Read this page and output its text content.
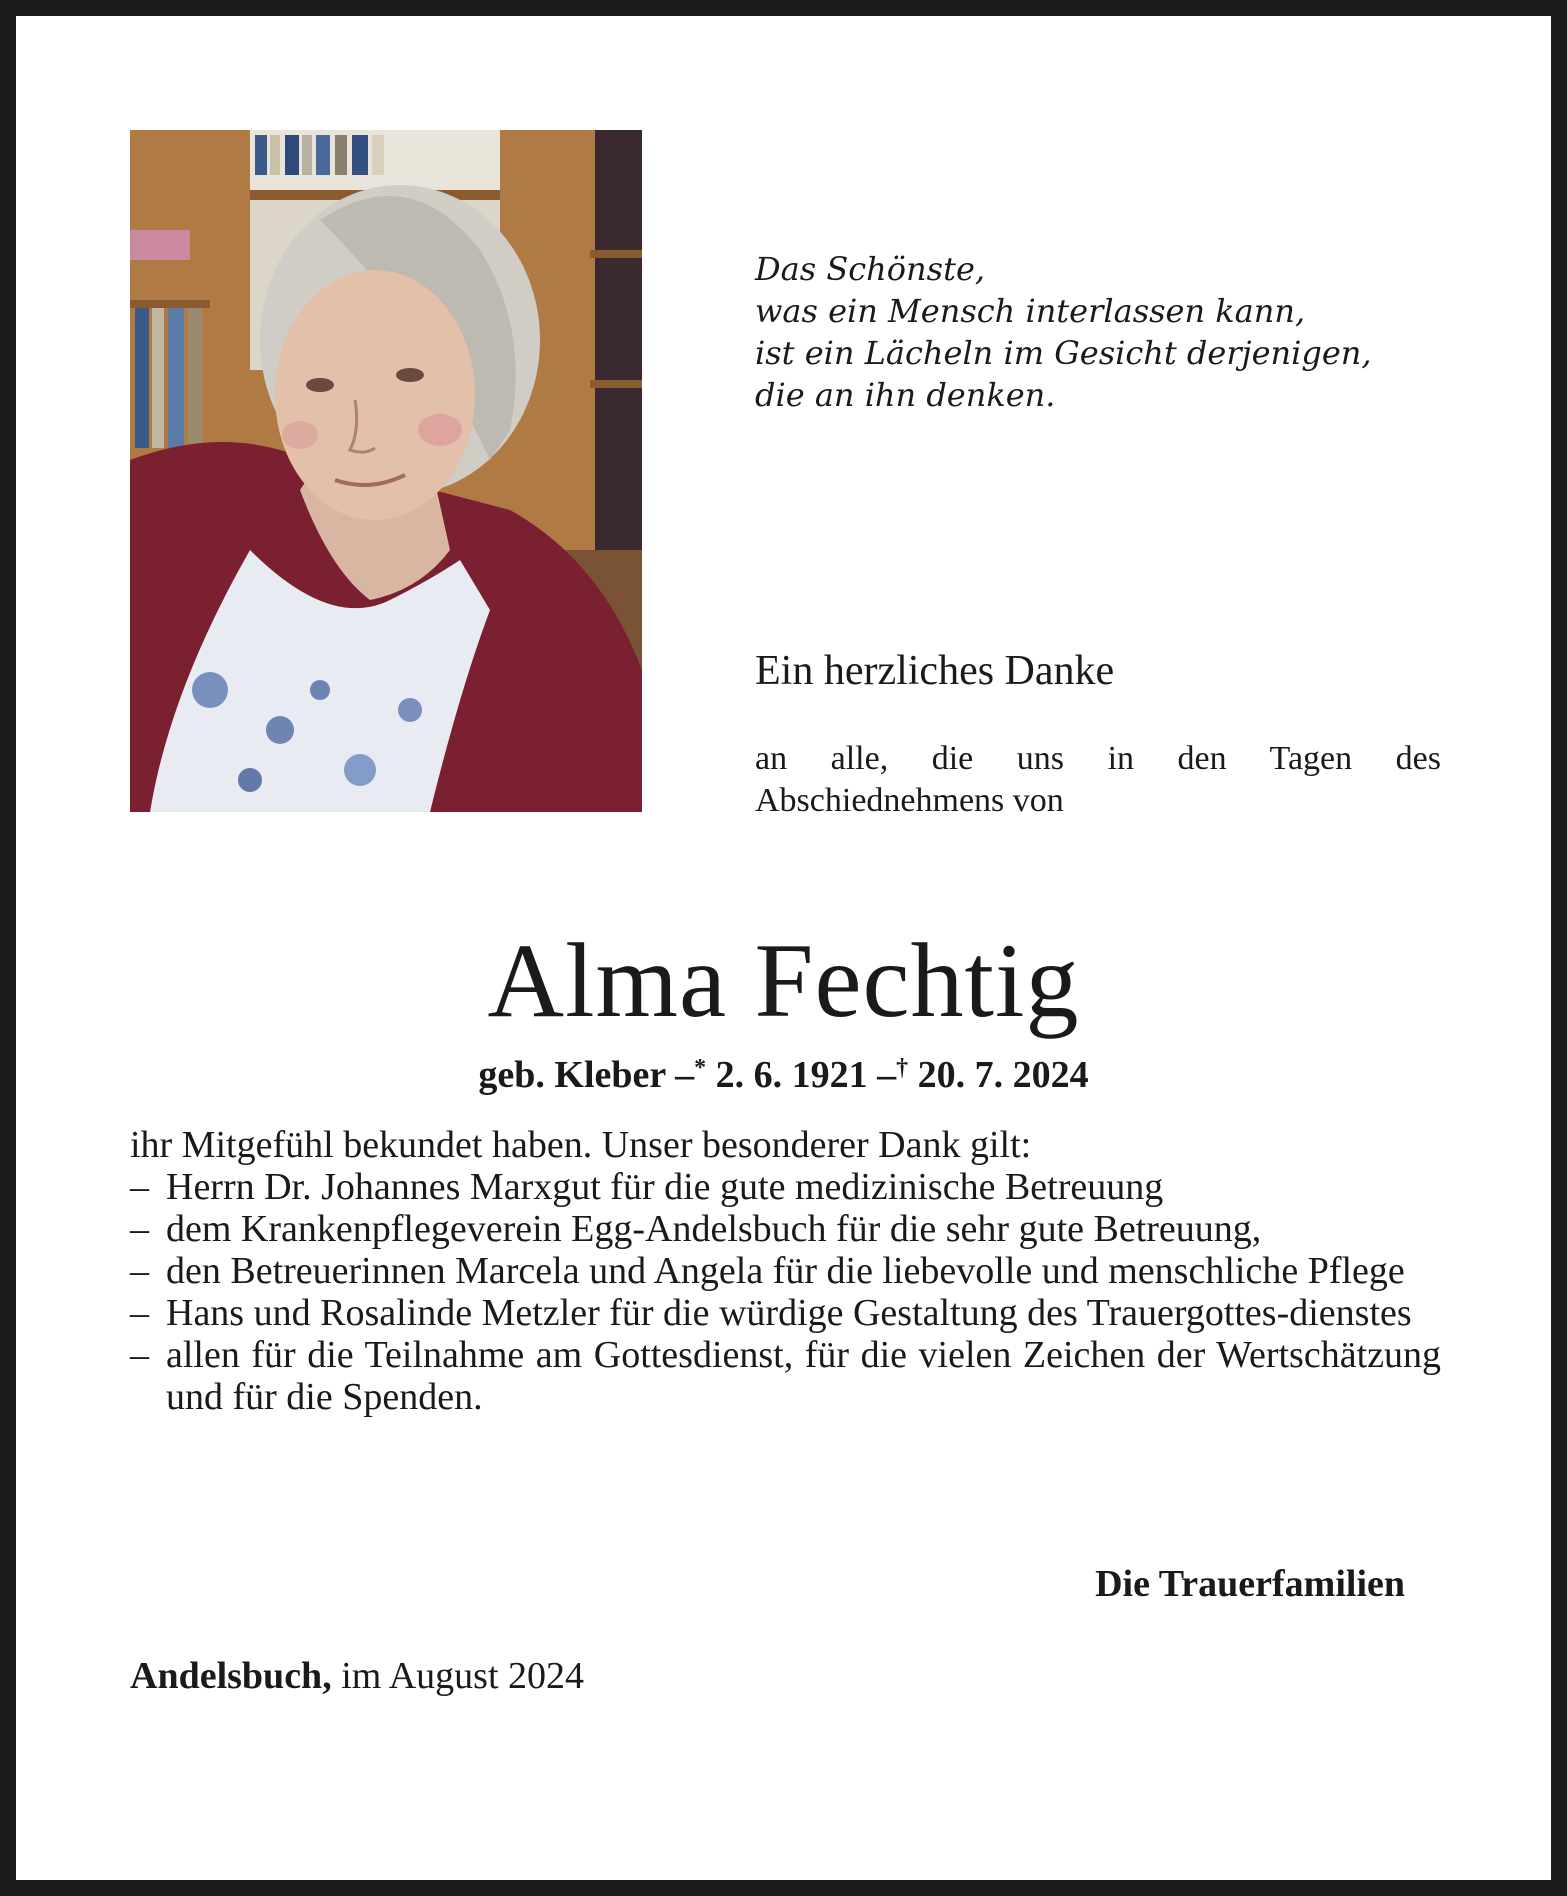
Das Schönste,
was ein Mensch interlassen kann,
ist ein Lächeln im Gesicht derjenigen,
die an ihn denken.
Ein herzliches Danke
an alle, die uns in den Tagen des
Abschiednehmens von
Alma Fechtig
geb. Kleber –* 2. 6. 1921 –† 20. 7. 2024
ihr Mitgefühl bekundet haben. Unser besonderer Dank gilt:
– Herrn Dr. Johannes Marxgut für die gute medizinische Betreuung
– dem Krankenpflegeverein Egg-Andelsbuch für die sehr gute Betreuung,
– den Betreuerinnen Marcela und Angela für die liebevolle und menschliche Pflege
– Hans und Rosalinde Metzler für die würdige Gestaltung des Trauergottes-dienstes
– allen für die Teilnahme am Gottesdienst, für die vielen Zeichen der Wertschätzung und für die Spenden.
Die Trauerfamilien
Andelsbuch, im August 2024
